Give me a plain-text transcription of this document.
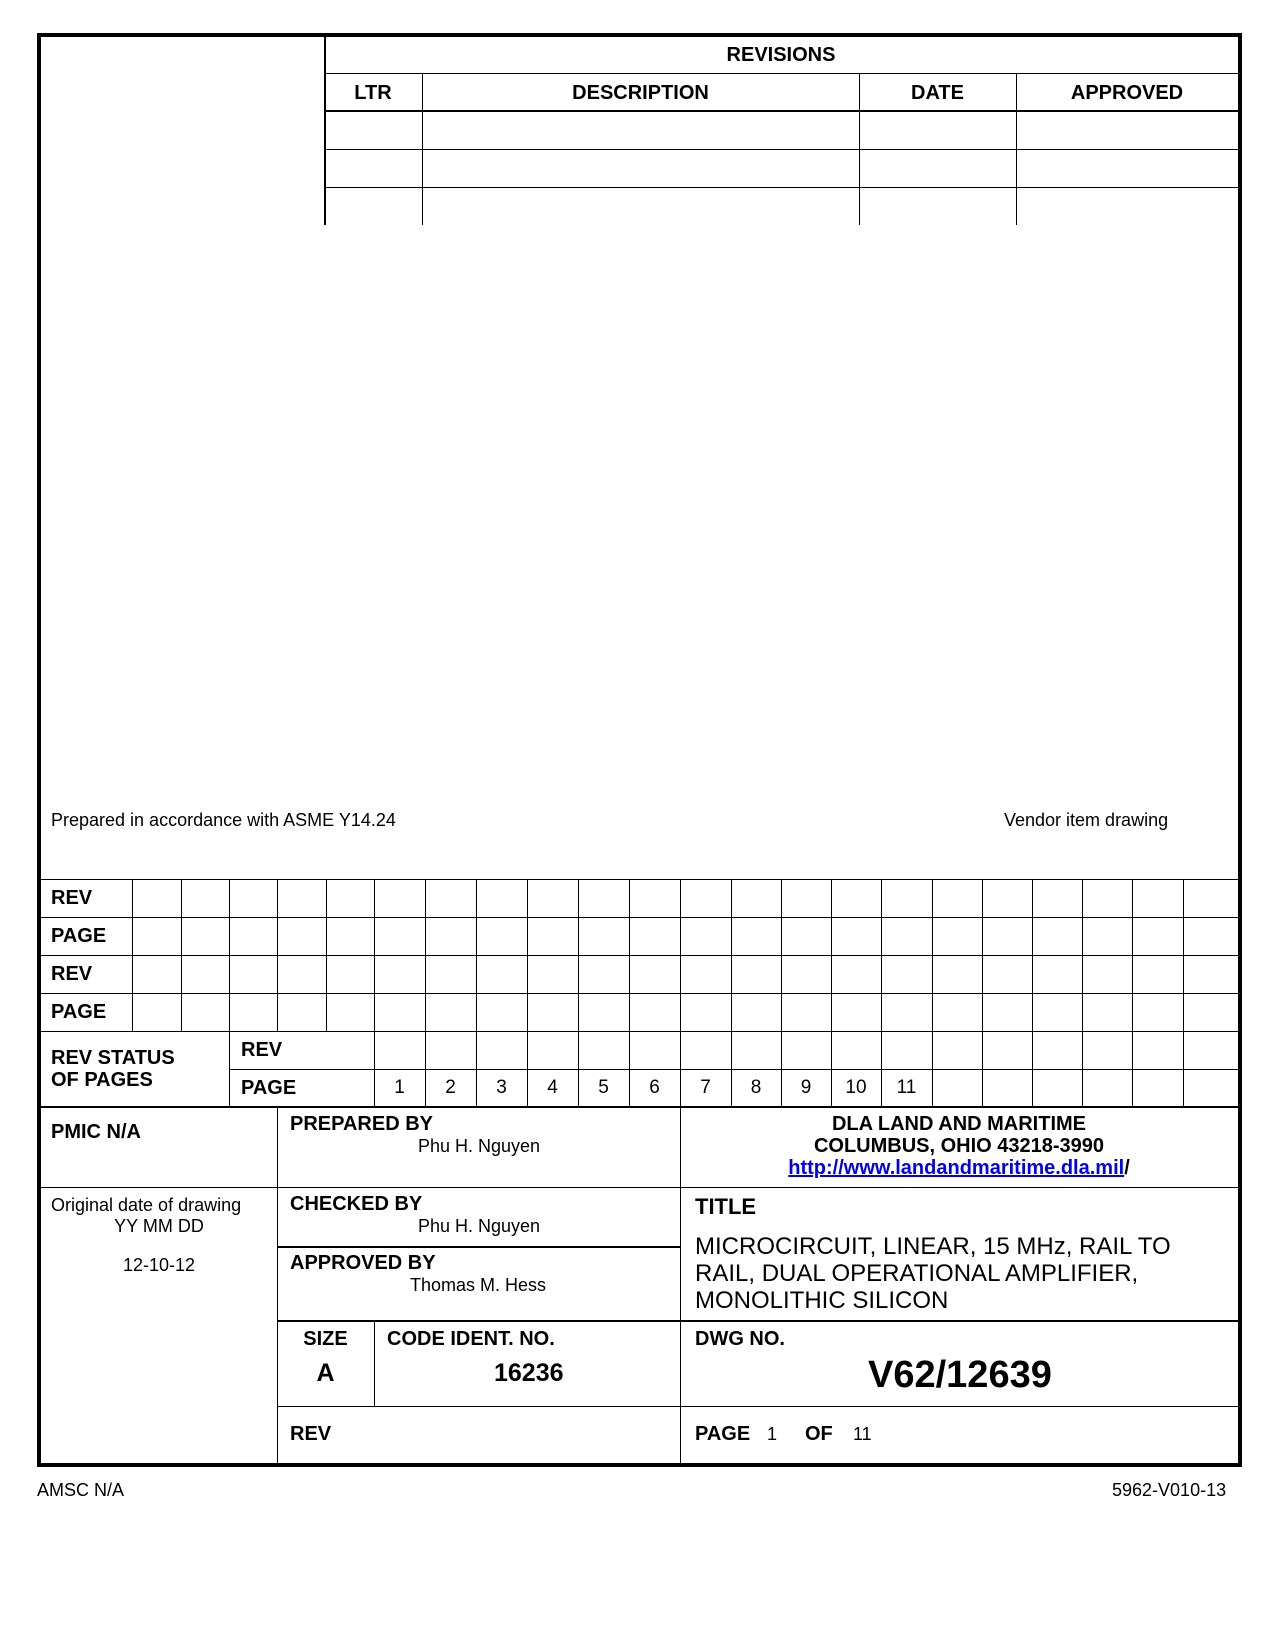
REVISIONS
LTR	DESCRIPTION	DATE	APPROVED
Prepared in accordance with ASME Y14.24	Vendor item drawing
REV
PAGE
REV
PAGE
REV STATUS
OF PAGES
REV
PAGE	1	2	3	4	5	6	7	8	9	10	11
PMIC N/A	PREPARED BY
Phu H. Nguyen
DLA LAND AND MARITIME
COLUMBUS, OHIO 43218-3990
http://www.landandmaritime.dla.mil/
Original date of drawing
YY MM DD
12-10-12
CHECKED BY
Phu H. Nguyen
APPROVED BY
Thomas M. Hess
TITLE
MICROCIRCUIT, LINEAR, 15 MHz, RAIL TO RAIL, DUAL OPERATIONAL AMPLIFIER, MONOLITHIC SILICON
SIZE
A
CODE IDENT. NO.
16236
DWG NO.
V62/12639
REV	PAGE 1 OF 11
AMSC N/A	5962-V010-13
